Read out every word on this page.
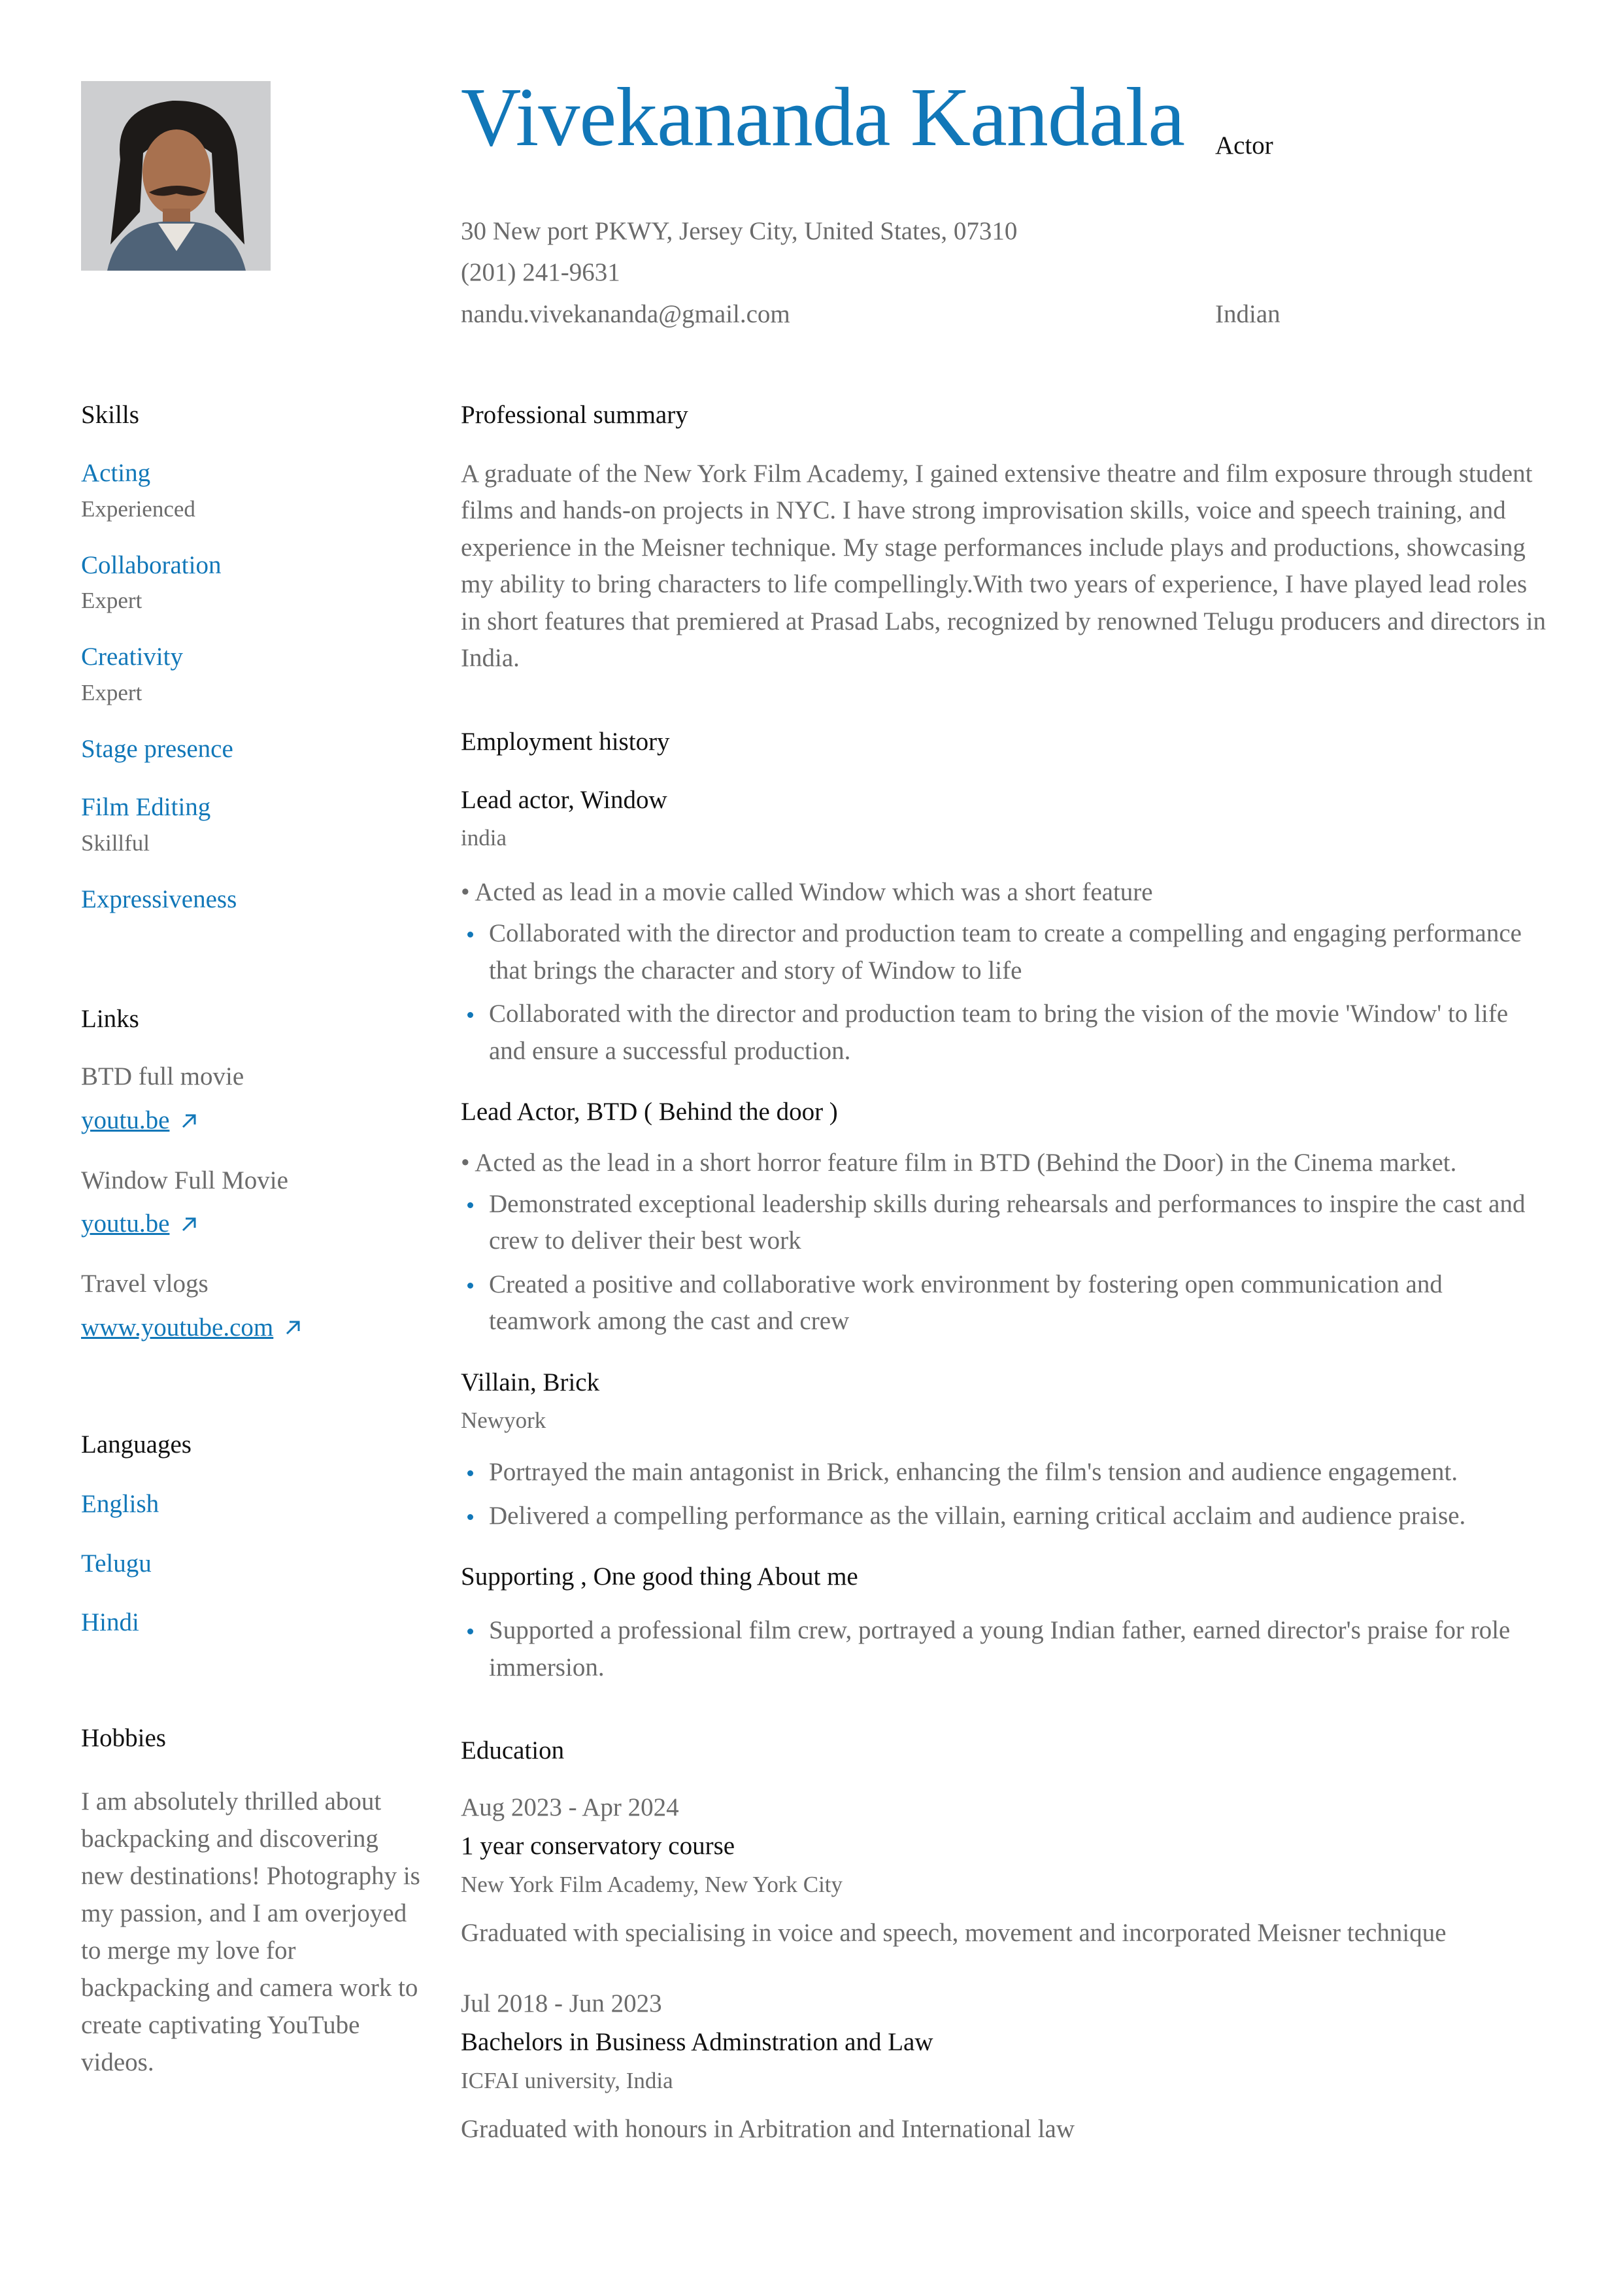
Vivekananda Kandala Actor
30 New port PKWY, Jersey City, United States, 07310
(201) 241-9631
nandu.vivekananda@gmail.com	Indian
Skills
Acting
Experienced
Collaboration
Expert
Creativity
Expert
Stage presence
Film Editing
Skillful
Expressiveness
Links
BTD full movie
youtu.be
Window Full Movie
youtu.be
Travel vlogs
www.youtube.com
Languages
English
Telugu
Hindi
Hobbies
I am absolutely thrilled about backpacking and discovering new destinations! Photography is my passion, and I am overjoyed to merge my love for backpacking and camera work to create captivating YouTube videos.
Professional summary
A graduate of the New York Film Academy, I gained extensive theatre and film exposure through student films and hands-on projects in NYC. I have strong improvisation skills, voice and speech training, and experience in the Meisner technique. My stage performances include plays and productions, showcasing my ability to bring characters to life compellingly.With two years of experience, I have played lead roles in short features that premiered at Prasad Labs, recognized by renowned Telugu producers and directors in India.
Employment history
Lead actor, Window
india
• Acted as lead in a movie called Window which was a short feature
Collaborated with the director and production team to create a compelling and engaging performance that brings the character and story of Window to life
Collaborated with the director and production team to bring the vision of the movie 'Window' to life and ensure a successful production.
Lead Actor, BTD ( Behind the door )
• Acted as the lead in a short horror feature film in BTD (Behind the Door) in the Cinema market.
Demonstrated exceptional leadership skills during rehearsals and performances to inspire the cast and crew to deliver their best work
Created a positive and collaborative work environment by fostering open communication and teamwork among the cast and crew
Villain, Brick
Newyork
Portrayed the main antagonist in Brick, enhancing the film's tension and audience engagement.
Delivered a compelling performance as the villain, earning critical acclaim and audience praise.
Supporting , One good thing About me
Supported a professional film crew, portrayed a young Indian father, earned director's praise for role immersion.
Education
Aug 2023 - Apr 2024
1 year conservatory course
New York Film Academy, New York City
Graduated with specialising in voice and speech, movement and incorporated Meisner technique
Jul 2018 - Jun 2023
Bachelors in Business Adminstration and Law
ICFAI university, India
Graduated with honours in Arbitration and International law
